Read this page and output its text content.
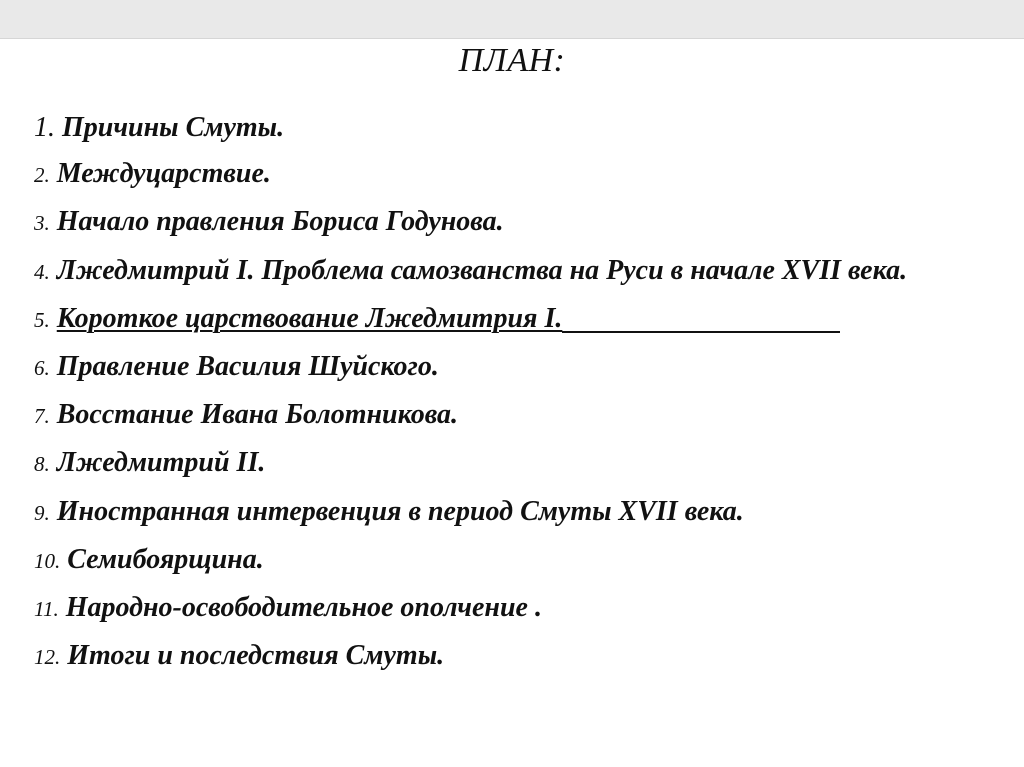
ПЛАН:
1. Причины Смуты.
2. Междуцарствие.
3. Начало правления Бориса Годунова.
4. Лжедмитрий I. Проблема самозванства на Руси в начале XVII века.
5. Короткое царствование Лжедмитрия I.
6. Правление Василия Шуйского.
7. Восстание Ивана Болотникова.
8. Лжедмитрий II.
9. Иностранная интервенция в период Смуты XVII века.
10. Семибоярщина.
11. Народно-освободительное ополчение .
12. Итоги и последствия Смуты.
